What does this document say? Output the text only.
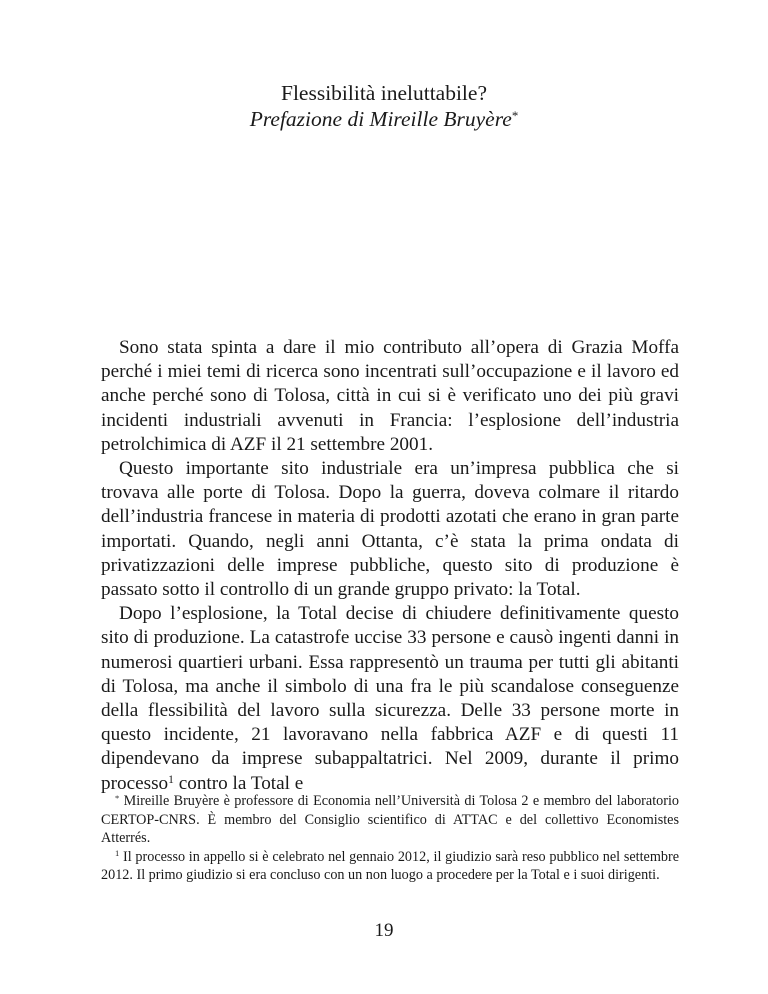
Flessibilità ineluttabile?
Prefazione di Mireille Bruyère*

Sono stata spinta a dare il mio contributo all’opera di Grazia Moffa perché i miei temi di ricerca sono incentrati sull’occupazione e il lavoro ed anche perché sono di Tolosa, città in cui si è verificato uno dei più gravi incidenti industriali avvenuti in Francia: l’esplosione dell’industria petrolchimica di AZF il 21 settembre 2001.

Questo importante sito industriale era un’impresa pubblica che si trovava alle porte di Tolosa. Dopo la guerra, doveva colmare il ritardo dell’industria francese in materia di prodotti azotati che erano in gran parte importati. Quando, negli anni Ottanta, c’è stata la prima ondata di privatizzazioni delle imprese pubbliche, questo sito di produzione è passato sotto il controllo di un grande gruppo privato: la Total.

Dopo l’esplosione, la Total decise di chiudere definitivamente questo sito di produzione. La catastrofe uccise 33 persone e causò ingenti danni in numerosi quartieri urbani. Essa rappresentò un trauma per tutti gli abitanti di Tolosa, ma anche il simbolo di una fra le più scandalose conseguenze della flessibilità del lavoro sulla sicurezza. Delle 33 persone morte in questo incidente, 21 lavoravano nella fabbrica AZF e di questi 11 dipendevano da imprese subappaltatrici. Nel 2009, durante il primo processo$^1$ contro la Total e

* Mireille Bruyère è professore di Economia nell’Università di Tolosa 2 e membro del laboratorio CERTOP-CNRS. È membro del Consiglio scientifico di ATTAC e del collettivo Economistes Atterrés.

$^1$ Il processo in appello si è celebrato nel gennaio 2012, il giudizio sarà reso pubblico nel settembre 2012. Il primo giudizio si era concluso con un non luogo a procedere per la Total e i suoi dirigenti.

19
